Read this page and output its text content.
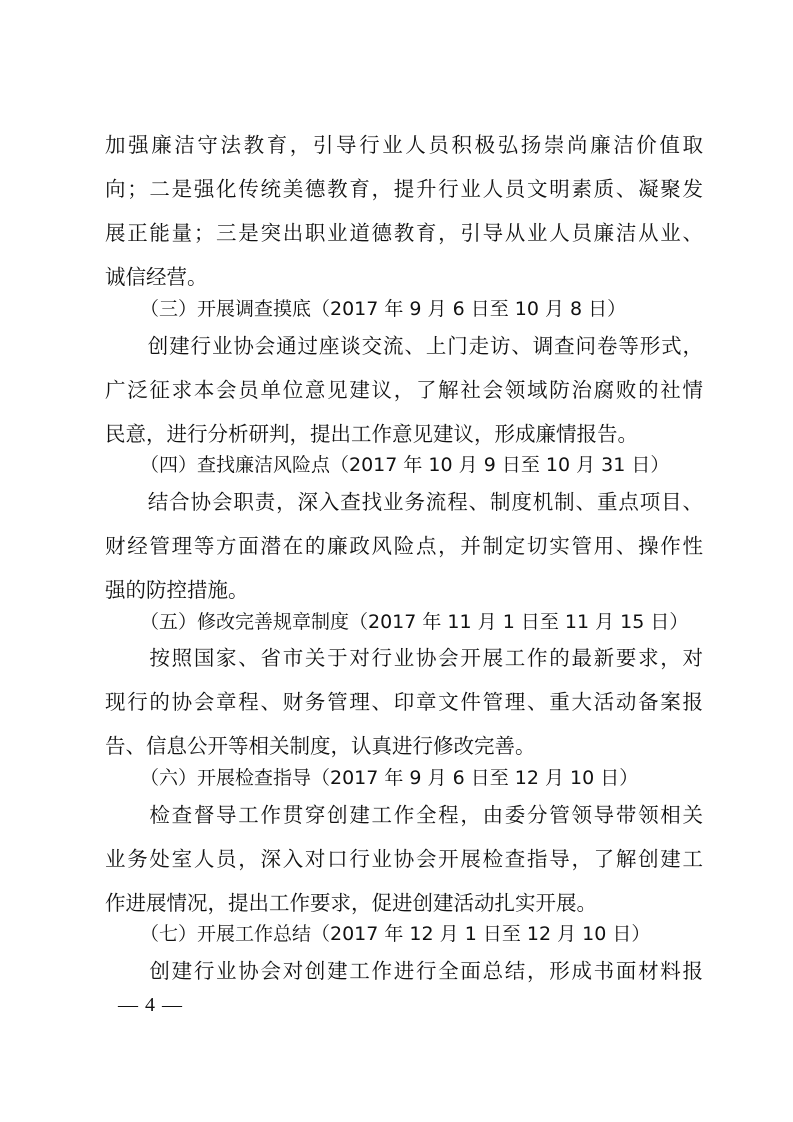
加强廉洁守法教育，引导行业人员积极弘扬崇尚廉洁价值取
向；二是强化传统美德教育，提升行业人员文明素质、凝聚发
展正能量；三是突出职业道德教育，引导从业人员廉洁从业、
诚信经营。
（三）开展调查摸底（2017 年 9 月 6 日至 10 月 8 日）
　　创建行业协会通过座谈交流、上门走访、调查问卷等形式，
广泛征求本会员单位意见建议，了解社会领域防治腐败的社情
民意，进行分析研判，提出工作意见建议，形成廉情报告。
（四）查找廉洁风险点（2017 年 10 月 9 日至 10 月 31 日）
　　结合协会职责，深入查找业务流程、制度机制、重点项目、
财经管理等方面潜在的廉政风险点，并制定切实管用、操作性
强的防控措施。
（五）修改完善规章制度（2017 年 11 月 1 日至 11 月 15 日）
　　按照国家、省市关于对行业协会开展工作的最新要求，对
现行的协会章程、财务管理、印章文件管理、重大活动备案报
告、信息公开等相关制度，认真进行修改完善。
（六）开展检查指导（2017 年 9 月 6 日至 12 月 10 日）
　　检查督导工作贯穿创建工作全程，由委分管领导带领相关
业务处室人员，深入对口行业协会开展检查指导，了解创建工
作进展情况，提出工作要求，促进创建活动扎实开展。
（七）开展工作总结（2017 年 12 月 1 日至 12 月 10 日）
　　创建行业协会对创建工作进行全面总结，形成书面材料报
— 4 —
